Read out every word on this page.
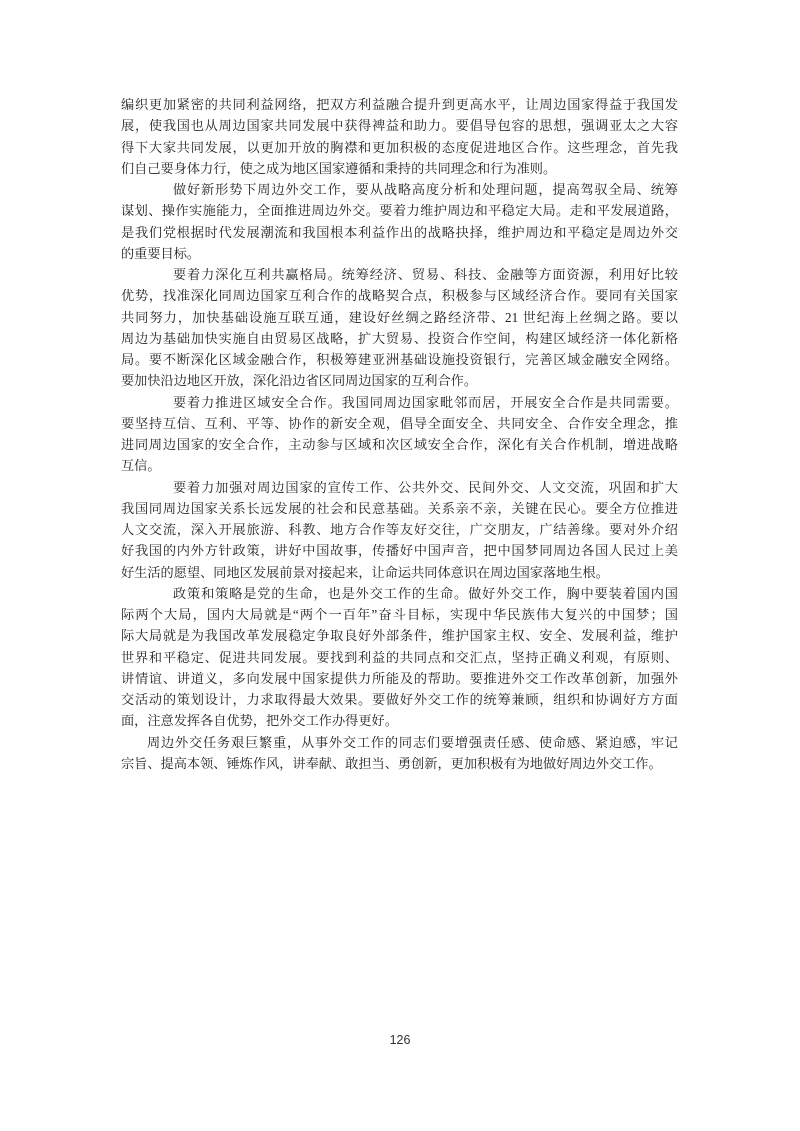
编织更加紧密的共同利益网络，把双方利益融合提升到更高水平，让周边国家得益于我国发
展，使我国也从周边国家共同发展中获得裨益和助力。要倡导包容的思想，强调亚太之大容
得下大家共同发展，以更加开放的胸襟和更加积极的态度促进地区合作。这些理念，首先我
们自己要身体力行，使之成为地区国家遵循和秉持的共同理念和行为准则。
做好新形势下周边外交工作，要从战略高度分析和处理问题，提高驾驭全局、统筹
谋划、操作实施能力，全面推进周边外交。要着力维护周边和平稳定大局。走和平发展道路，
是我们党根据时代发展潮流和我国根本利益作出的战略抉择，维护周边和平稳定是周边外交
的重要目标。
要着力深化互利共赢格局。统筹经济、贸易、科技、金融等方面资源，利用好比较
优势，找准深化同周边国家互利合作的战略契合点，积极参与区域经济合作。要同有关国家
共同努力，加快基础设施互联互通，建设好丝绸之路经济带、21 世纪海上丝绸之路。要以
周边为基础加快实施自由贸易区战略，扩大贸易、投资合作空间，构建区域经济一体化新格
局。要不断深化区域金融合作，积极筹建亚洲基础设施投资银行，完善区域金融安全网络。
要加快沿边地区开放，深化沿边省区同周边国家的互利合作。
要着力推进区域安全合作。我国同周边国家毗邻而居，开展安全合作是共同需要。
要坚持互信、互利、平等、协作的新安全观，倡导全面安全、共同安全、合作安全理念，推
进同周边国家的安全合作，主动参与区域和次区域安全合作，深化有关合作机制，增进战略
互信。
要着力加强对周边国家的宣传工作、公共外交、民间外交、人文交流，巩固和扩大
我国同周边国家关系长远发展的社会和民意基础。关系亲不亲，关键在民心。要全方位推进
人文交流，深入开展旅游、科教、地方合作等友好交往，广交朋友，广结善缘。要对外介绍
好我国的内外方针政策，讲好中国故事，传播好中国声音，把中国梦同周边各国人民过上美
好生活的愿望、同地区发展前景对接起来，让命运共同体意识在周边国家落地生根。
政策和策略是党的生命，也是外交工作的生命。做好外交工作，胸中要装着国内国
际两个大局，国内大局就是“两个一百年”奋斗目标，实现中华民族伟大复兴的中国梦；国
际大局就是为我国改革发展稳定争取良好外部条件，维护国家主权、安全、发展利益，维护
世界和平稳定、促进共同发展。要找到利益的共同点和交汇点，坚持正确义利观，有原则、
讲情谊、讲道义，多向发展中国家提供力所能及的帮助。要推进外交工作改革创新，加强外
交活动的策划设计，力求取得最大效果。要做好外交工作的统筹兼顾，组织和协调好方方面
面，注意发挥各自优势，把外交工作办得更好。
周边外交任务艰巨繁重，从事外交工作的同志们要增强责任感、使命感、紧迫感，牢记
宗旨、提高本领、锤炼作风，讲奉献、敢担当、勇创新，更加积极有为地做好周边外交工作。
126
